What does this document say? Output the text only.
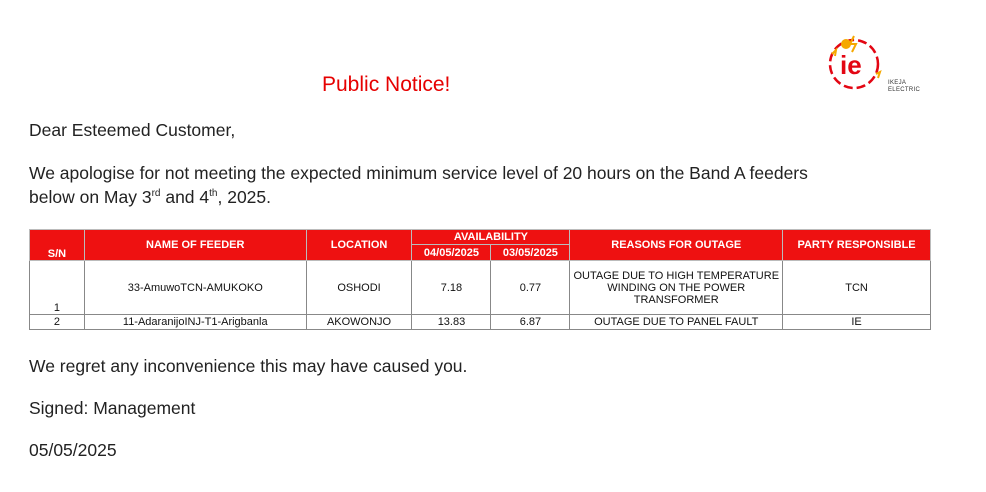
ie
IKEJA
ELECTRIC
Public Notice!
Dear Esteemed Customer,
We apologise for not meeting the expected minimum service level of 20 hours on the Band A feeders
below on May 3rd and 4th, 2025.
S/N	NAME OF FEEDER	LOCATION	AVAILABILITY		REASONS FOR OUTAGE	PARTY RESPONSIBLE
			04/05/2025	03/05/2025		
1	33-AmuwoTCN-AMUKOKO	OSHODI	7.18	0.77	OUTAGE DUE TO HIGH TEMPERATURE WINDING ON THE POWER TRANSFORMER	TCN
2	11-AdaranijoINJ-T1-Arigbanla	AKOWONJO	13.83	6.87	OUTAGE DUE TO PANEL FAULT	IE
We regret any inconvenience this may have caused you.
Signed: Management
05/05/2025
